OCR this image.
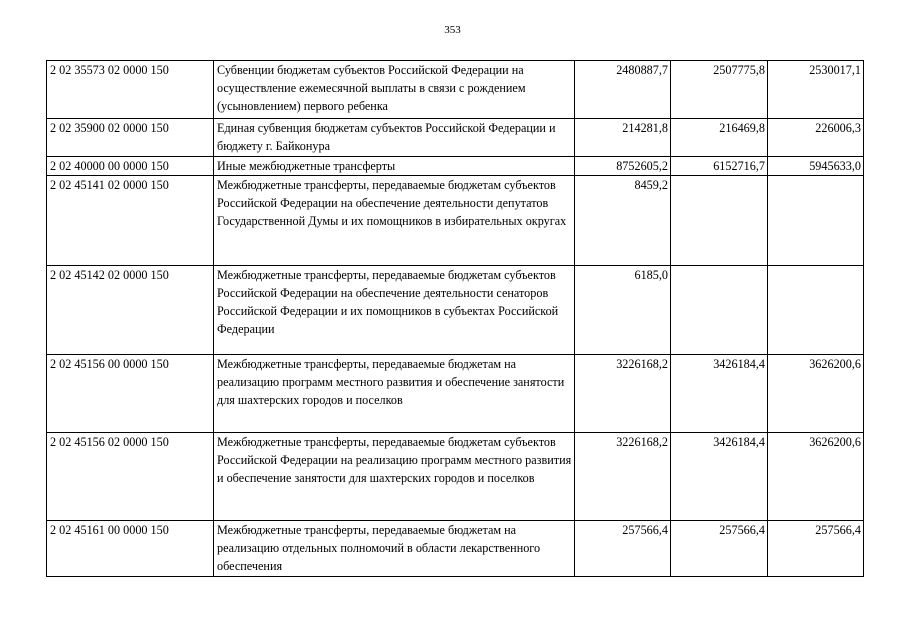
353
2 02 35573 02 0000 150	Субвенции бюджетам субъектов Российской Федерации на осуществление ежемесячной выплаты в связи с рождением (усыновлением) первого ребенка	2480887,7	2507775,8	2530017,1
2 02 35900 02 0000 150	Единая субвенция бюджетам субъектов Российской Федерации и бюджету г. Байконура	214281,8	216469,8	226006,3
2 02 40000 00 0000 150	Иные межбюджетные трансферты	8752605,2	6152716,7	5945633,0
2 02 45141 02 0000 150	Межбюджетные трансферты, передаваемые бюджетам субъектов Российской Федерации на обеспечение деятельности депутатов Государственной Думы и их помощников в избирательных округах	8459,2		
2 02 45142 02 0000 150	Межбюджетные трансферты, передаваемые бюджетам субъектов Российской Федерации на обеспечение деятельности сенаторов Российской Федерации и их помощников в субъектах Российской Федерации	6185,0		
2 02 45156 00 0000 150	Межбюджетные трансферты, передаваемые бюджетам на реализацию программ местного развития и обеспечение занятости для шахтерских городов и поселков	3226168,2	3426184,4	3626200,6
2 02 45156 02 0000 150	Межбюджетные трансферты, передаваемые бюджетам субъектов Российской Федерации на реализацию программ местного развития и обеспечение занятости для шахтерских городов и поселков	3226168,2	3426184,4	3626200,6
2 02 45161 00 0000 150	Межбюджетные трансферты, передаваемые бюджетам на реализацию отдельных полномочий в области лекарственного обеспечения	257566,4	257566,4	257566,4
